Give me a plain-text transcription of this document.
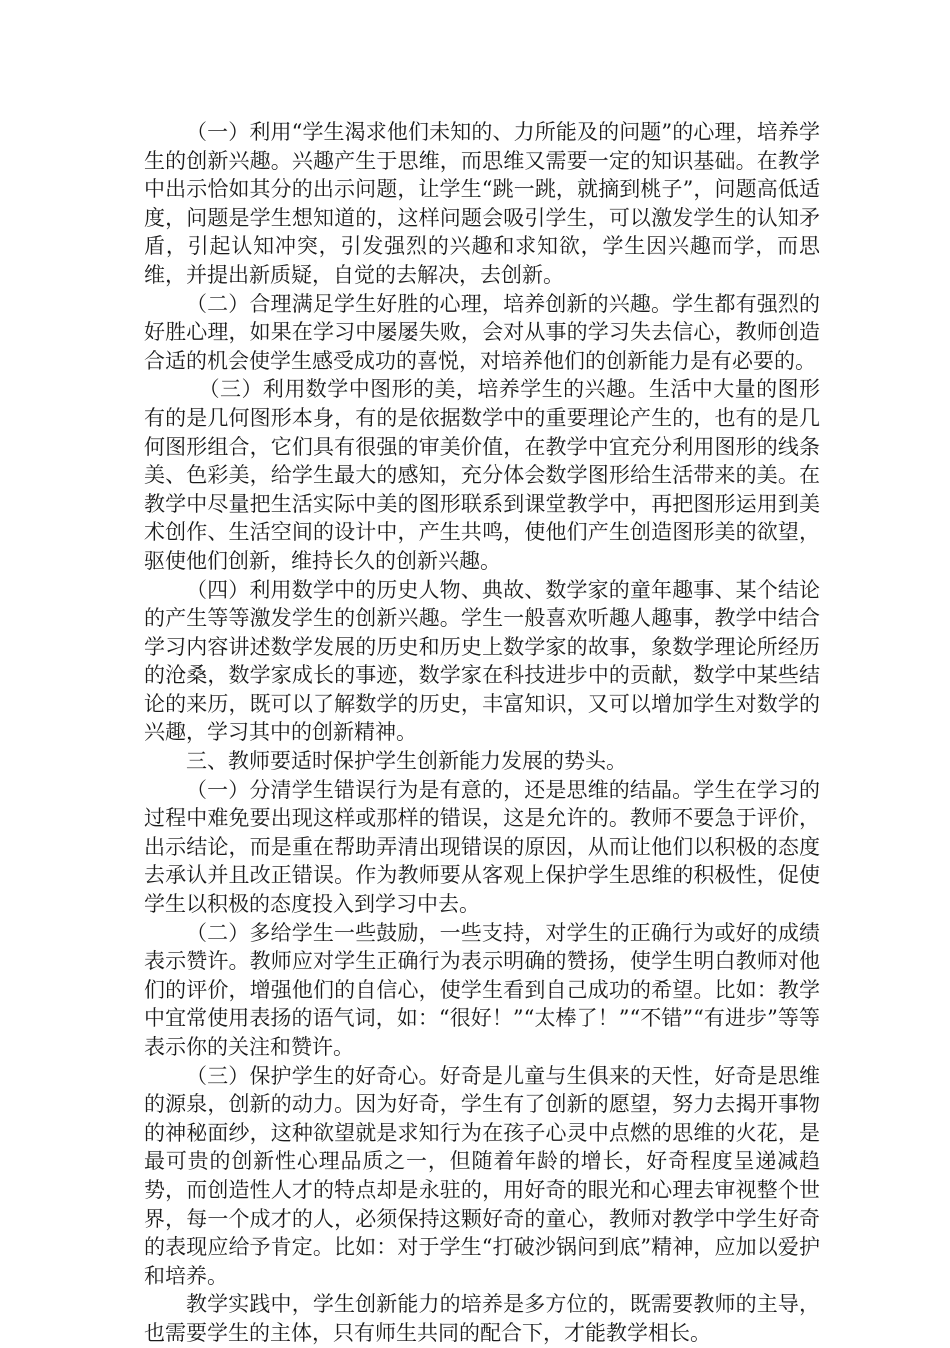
（一）利用“学生渴求他们未知的、力所能及的问题”的心理，培养学生的创新兴趣。兴趣产生于思维，而思维又需要一定的知识基础。在教学中出示恰如其分的出示问题，让学生“跳一跳，就摘到桃子”，问题高低适度，问题是学生想知道的，这样问题会吸引学生，可以激发学生的认知矛盾，引起认知冲突，引发强烈的兴趣和求知欲，学生因兴趣而学，而思维，并提出新质疑，自觉的去解决，去创新。

（二）合理满足学生好胜的心理，培养创新的兴趣。学生都有强烈的好胜心理，如果在学习中屡屡失败，会对从事的学习失去信心，教师创造合适的机会使学生感受成功的喜悦，对培养他们的创新能力是有必要的。

（三）利用数学中图形的美，培养学生的兴趣。生活中大量的图形有的是几何图形本身，有的是依据数学中的重要理论产生的，也有的是几何图形组合，它们具有很强的审美价值，在教学中宜充分利用图形的线条美、色彩美，给学生最大的感知，充分体会数学图形给生活带来的美。在教学中尽量把生活实际中美的图形联系到课堂教学中，再把图形运用到美术创作、生活空间的设计中，产生共鸣，使他们产生创造图形美的欲望，驱使他们创新，维持长久的创新兴趣。

（四）利用数学中的历史人物、典故、数学家的童年趣事、某个结论的产生等等激发学生的创新兴趣。学生一般喜欢听趣人趣事，教学中结合学习内容讲述数学发展的历史和历史上数学家的故事，象数学理论所经历的沧桑，数学家成长的事迹，数学家在科技进步中的贡献，数学中某些结论的来历，既可以了解数学的历史，丰富知识，又可以增加学生对数学的兴趣，学习其中的创新精神。

三、教师要适时保护学生创新能力发展的势头。

（一）分清学生错误行为是有意的，还是思维的结晶。学生在学习的过程中难免要出现这样或那样的错误，这是允许的。教师不要急于评价，出示结论，而是重在帮助弄清出现错误的原因，从而让他们以积极的态度去承认并且改正错误。作为教师要从客观上保护学生思维的积极性，促使学生以积极的态度投入到学习中去。

（二）多给学生一些鼓励，一些支持，对学生的正确行为或好的成绩表示赞许。教师应对学生正确行为表示明确的赞扬，使学生明白教师对他们的评价，增强他们的自信心，使学生看到自己成功的希望。比如：教学中宜常使用表扬的语气词，如：“很好！”“太棒了！”“不错”“有进步”等等表示你的关注和赞许。

（三）保护学生的好奇心。好奇是儿童与生俱来的天性，好奇是思维的源泉，创新的动力。因为好奇，学生有了创新的愿望，努力去揭开事物的神秘面纱，这种欲望就是求知行为在孩子心灵中点燃的思维的火花，是最可贵的创新性心理品质之一，但随着年龄的增长，好奇程度呈递减趋势，而创造性人才的特点却是永驻的，用好奇的眼光和心理去审视整个世界，每一个成才的人，必须保持这颗好奇的童心，教师对教学中学生好奇的表现应给予肯定。比如：对于学生“打破沙锅问到底”精神，应加以爱护和培养。

教学实践中，学生创新能力的培养是多方位的，既需要教师的主导，也需要学生的主体，只有师生共同的配合下，才能教学相长。
